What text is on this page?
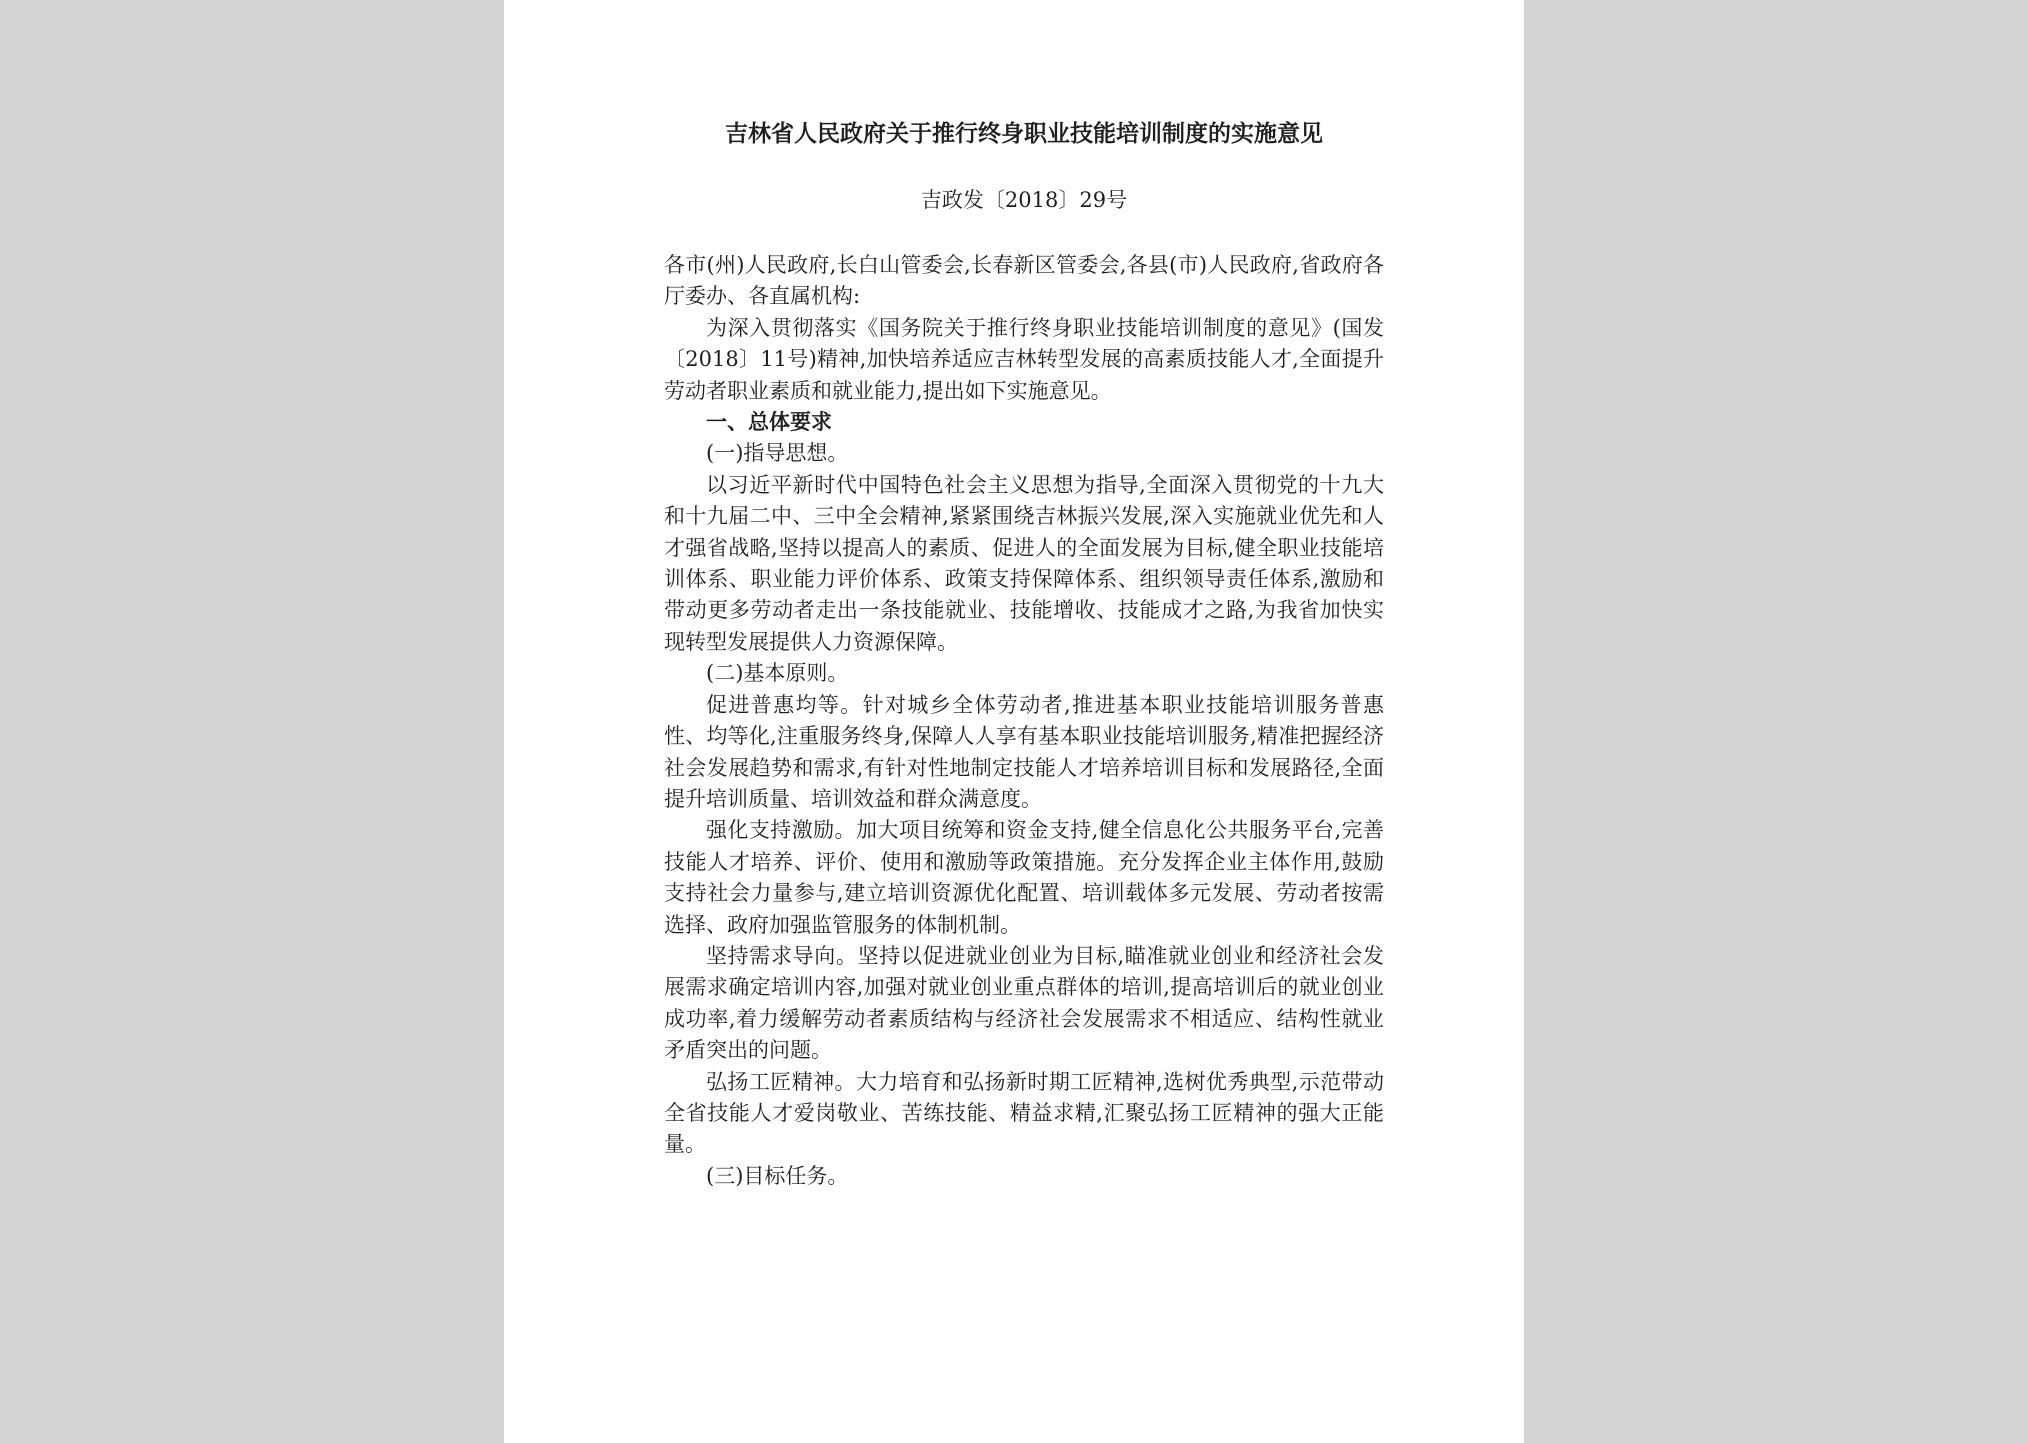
吉林省人民政府关于推行终身职业技能培训制度的实施意见
吉政发〔2018〕29号

各市(州)人民政府,长白山管委会,长春新区管委会,各县(市)人民政府,省政府各厅委办、各直属机构:

为深入贯彻落实《国务院关于推行终身职业技能培训制度的意见》(国发〔2018〕11号)精神,加快培养适应吉林转型发展的高素质技能人才,全面提升劳动者职业素质和就业能力,提出如下实施意见。

一、总体要求

(一)指导思想。

以习近平新时代中国特色社会主义思想为指导,全面深入贯彻党的十九大和十九届二中、三中全会精神,紧紧围绕吉林振兴发展,深入实施就业优先和人才强省战略,坚持以提高人的素质、促进人的全面发展为目标,健全职业技能培训体系、职业能力评价体系、政策支持保障体系、组织领导责任体系,激励和带动更多劳动者走出一条技能就业、技能增收、技能成才之路,为我省加快实现转型发展提供人力资源保障。

(二)基本原则。

促进普惠均等。针对城乡全体劳动者,推进基本职业技能培训服务普惠性、均等化,注重服务终身,保障人人享有基本职业技能培训服务,精准把握经济社会发展趋势和需求,有针对性地制定技能人才培养培训目标和发展路径,全面提升培训质量、培训效益和群众满意度。

强化支持激励。加大项目统筹和资金支持,健全信息化公共服务平台,完善技能人才培养、评价、使用和激励等政策措施。充分发挥企业主体作用,鼓励支持社会力量参与,建立培训资源优化配置、培训载体多元发展、劳动者按需选择、政府加强监管服务的体制机制。

坚持需求导向。坚持以促进就业创业为目标,瞄准就业创业和经济社会发展需求确定培训内容,加强对就业创业重点群体的培训,提高培训后的就业创业成功率,着力缓解劳动者素质结构与经济社会发展需求不相适应、结构性就业矛盾突出的问题。

弘扬工匠精神。大力培育和弘扬新时期工匠精神,选树优秀典型,示范带动全省技能人才爱岗敬业、苦练技能、精益求精,汇聚弘扬工匠精神的强大正能量。

(三)目标任务。
